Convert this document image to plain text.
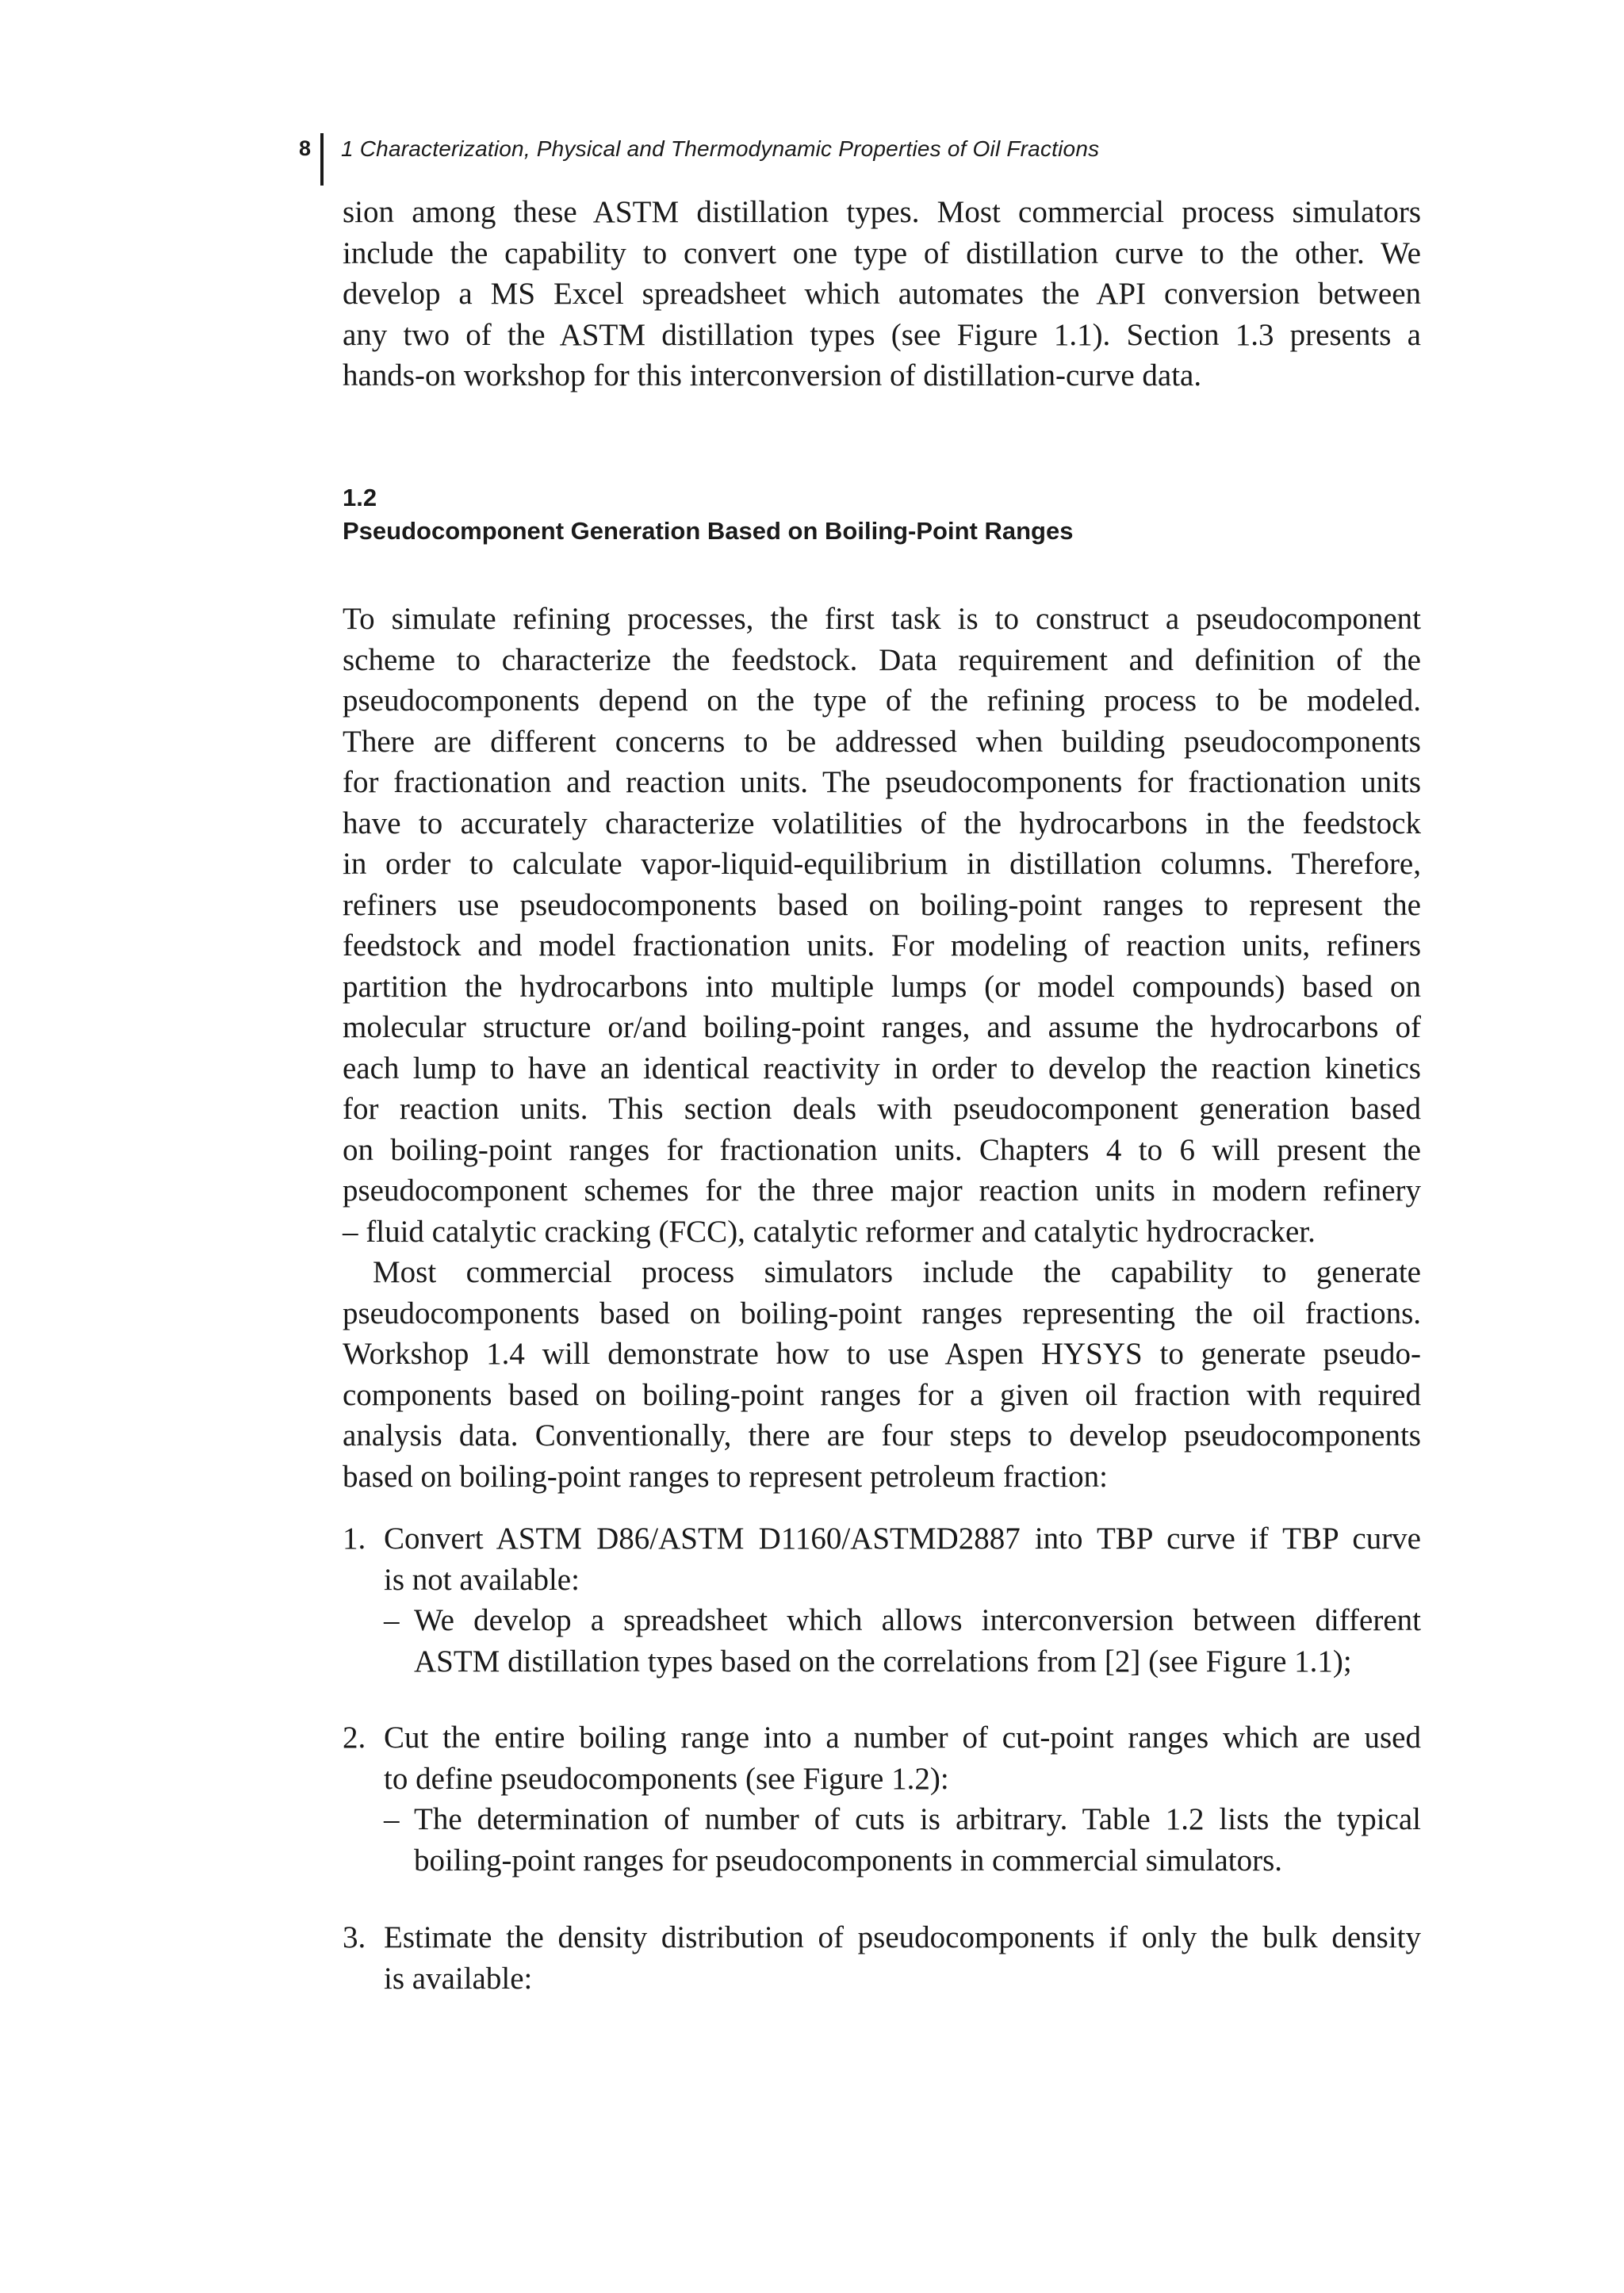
8 1 Characterization, Physical and Thermodynamic Properties of Oil Fractions

sion among these ASTM distillation types. Most commercial process simulators
include the capability to convert one type of distillation curve to the other. We
develop a MS Excel spreadsheet which automates the API conversion between
any two of the ASTM distillation types (see Figure 1.1). Section 1.3 presents a
hands-on workshop for this interconversion of distillation-curve data.

1.2

Pseudocomponent Generation Based on Boiling-Point Ranges

To simulate refining processes, the first task is to construct a pseudocomponent
scheme to characterize the feedstock. Data requirement and definition of the
pseudocomponents depend on the type of the refining process to be modeled.
There are different concerns to be addressed when building pseudocomponents
for fractionation and reaction units. The pseudocomponents for fractionation units
have to accurately characterize volatilities of the hydrocarbons in the feedstock
in order to calculate vapor-liquid-equilibrium in distillation columns. Therefore,
refiners use pseudocomponents based on boiling-point ranges to represent the
feedstock and model fractionation units. For modeling of reaction units, refiners
partition the hydrocarbons into multiple lumps (or model compounds) based on
molecular structure or/and boiling-point ranges, and assume the hydrocarbons of
each lump to have an identical reactivity in order to develop the reaction kinetics
for reaction units. This section deals with pseudocomponent generation based
on boiling-point ranges for fractionation units. Chapters 4 to 6 will present the
pseudocomponent schemes for the three major reaction units in modern refinery
– fluid catalytic cracking (FCC), catalytic reformer and catalytic hydrocracker.

Most commercial process simulators include the capability to generate
pseudocomponents based on boiling-point ranges representing the oil fractions.
Workshop 1.4 will demonstrate how to use Aspen HYSYS to generate pseudo-
components based on boiling-point ranges for a given oil fraction with required
analysis data. Conventionally, there are four steps to develop pseudocomponents
based on boiling-point ranges to represent petroleum fraction:

1. Convert ASTM D86/ASTM D1160/ASTMD2887 into TBP curve if TBP curve
is not available:
– We develop a spreadsheet which allows interconversion between different
ASTM distillation types based on the correlations from [2] (see Figure 1.1);
2. Cut the entire boiling range into a number of cut-point ranges which are used
to define pseudocomponents (see Figure 1.2):
– The determination of number of cuts is arbitrary. Table 1.2 lists the typical
boiling-point ranges for pseudocomponents in commercial simulators.
3. Estimate the density distribution of pseudocomponents if only the bulk density
is available:
